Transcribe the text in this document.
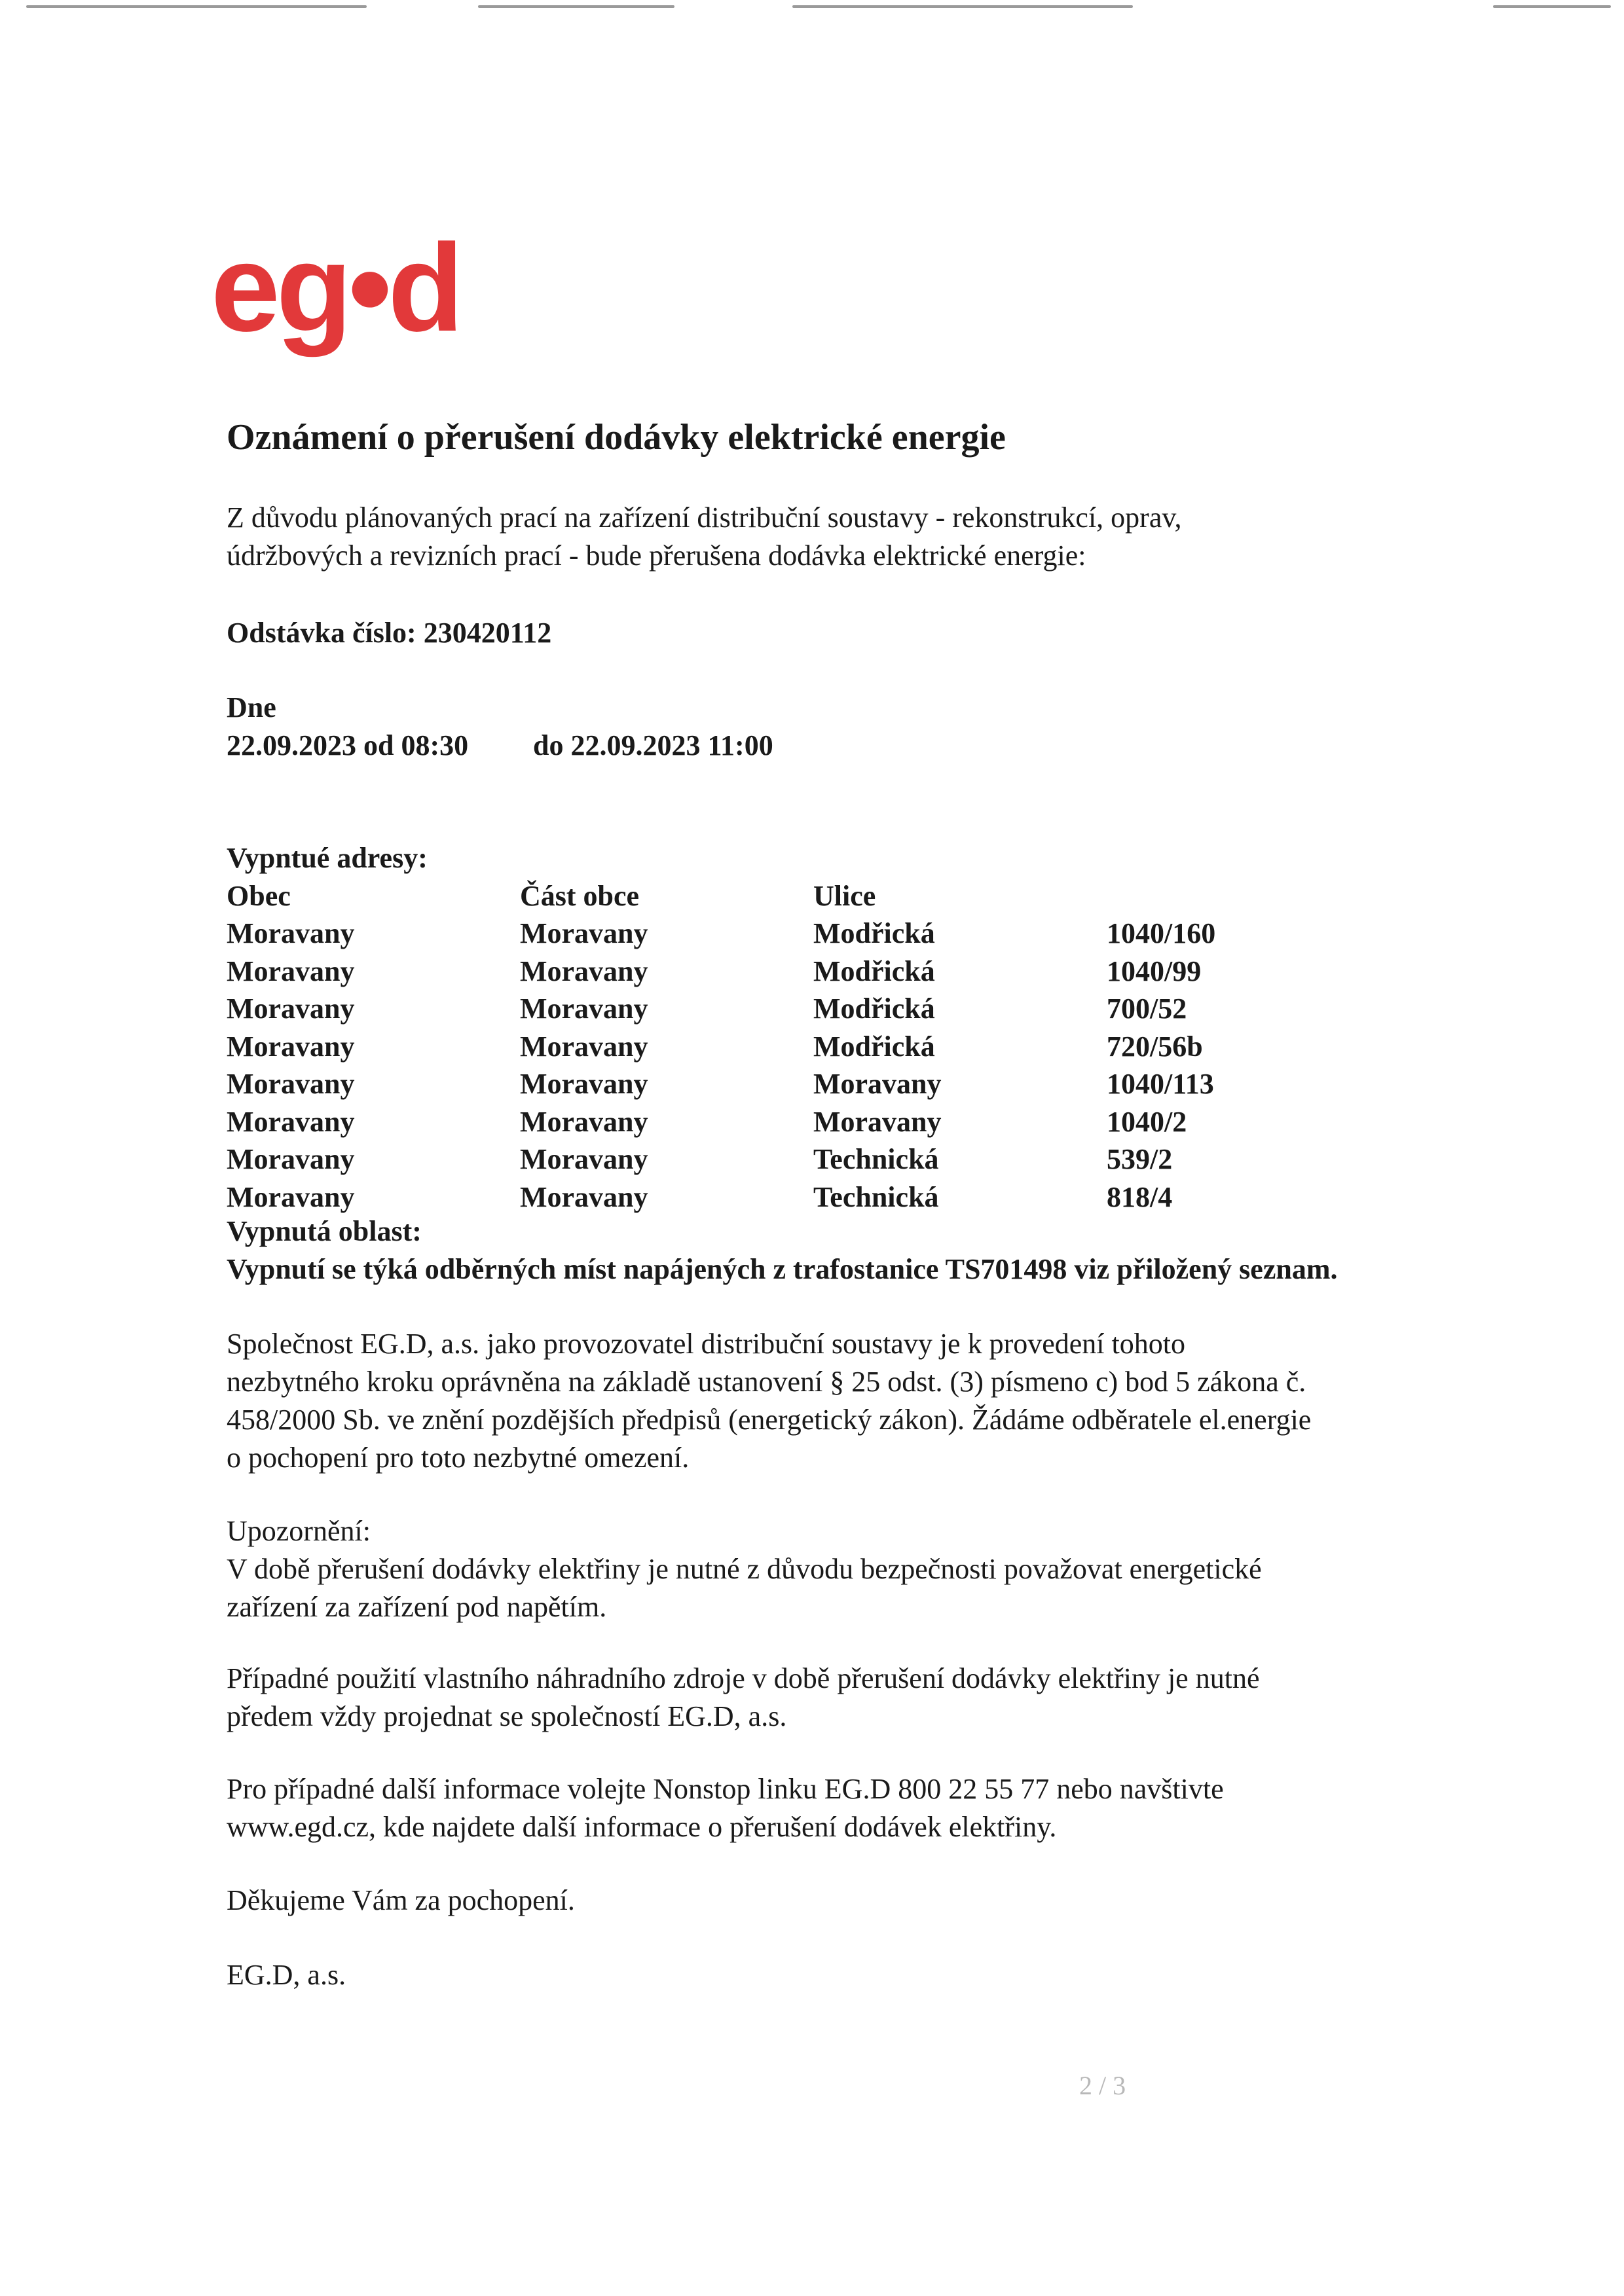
eg•d
Oznámení o přerušení dodávky elektrické energie
Z důvodu plánovaných prací na zařízení distribuční soustavy - rekonstrukcí, oprav,
údržbových a revizních prací - bude přerušena dodávka elektrické energie:
Odstávka číslo: 230420112
Dne
22.09.2023 od 08:30 do 22.09.2023 11:00
Vypntué adresy:
Obec	Část obce	Ulice
Moravany	Moravany	Modřická	1040/160
Moravany	Moravany	Modřická	1040/99
Moravany	Moravany	Modřická	700/52
Moravany	Moravany	Modřická	720/56b
Moravany	Moravany	Moravany	1040/113
Moravany	Moravany	Moravany	1040/2
Moravany	Moravany	Technická	539/2
Moravany	Moravany	Technická	818/4
Vypnutá oblast:
Vypnutí se týká odběrných míst napájených z trafostanice TS701498 viz přiložený seznam.
Společnost EG.D, a.s. jako provozovatel distribuční soustavy je k provedení tohoto
nezbytného kroku oprávněna na základě ustanovení § 25 odst. (3) písmeno c) bod 5 zákona č.
458/2000 Sb. ve znění pozdějších předpisů (energetický zákon). Žádáme odběratele el.energie
o pochopení pro toto nezbytné omezení.
Upozornění:
V době přerušení dodávky elektřiny je nutné z důvodu bezpečnosti považovat energetické
zařízení za zařízení pod napětím.
Případné použití vlastního náhradního zdroje v době přerušení dodávky elektřiny je nutné
předem vždy projednat se společností EG.D, a.s.
Pro případné další informace volejte Nonstop linku EG.D 800 22 55 77 nebo navštivte
www.egd.cz, kde najdete další informace o přerušení dodávek elektřiny.
Děkujeme Vám za pochopení.
EG.D, a.s.
2 / 3
